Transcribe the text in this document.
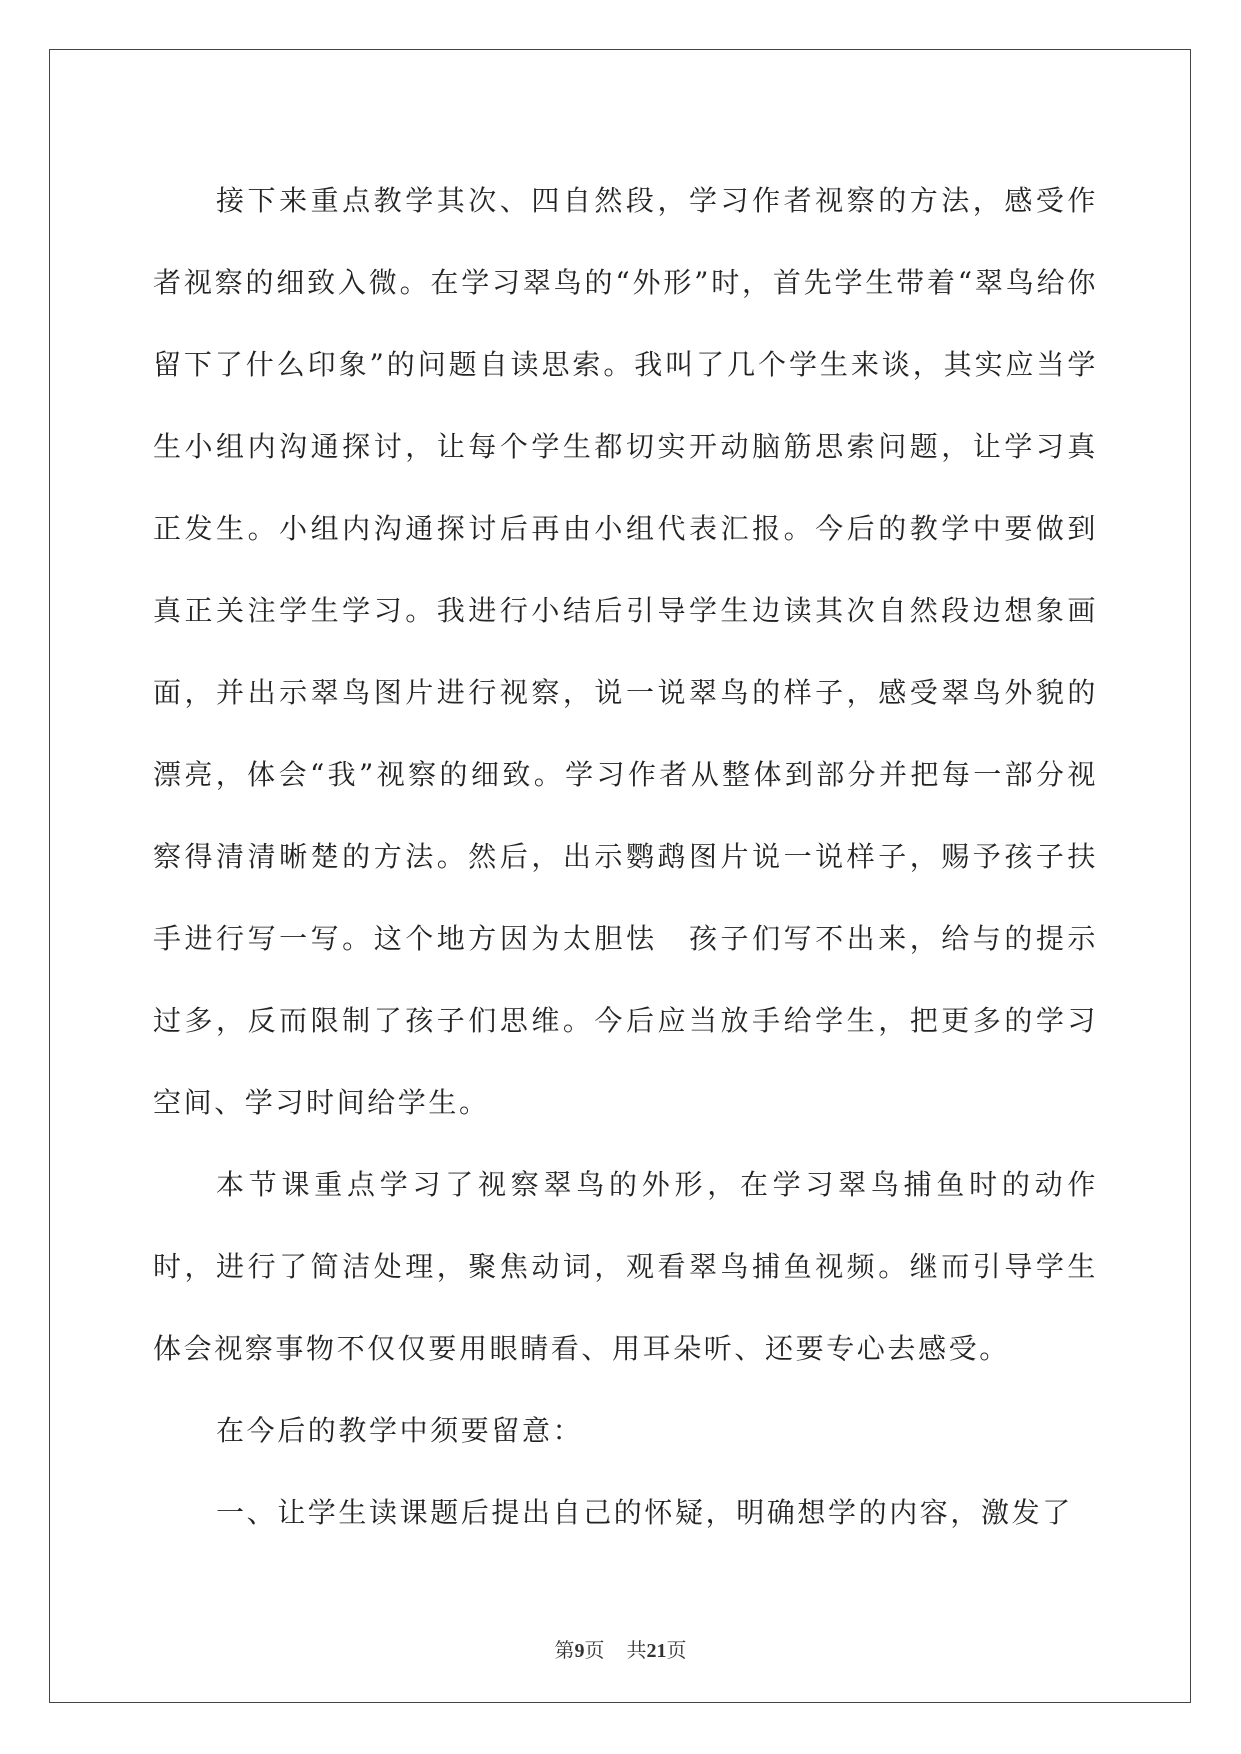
接下来重点教学其次、四自然段，学习作者视察的方法，感受作者视察的细致入微。在学习翠鸟的“外形”时，首先学生带着“翠鸟给你留下了什么印象”的问题自读思索。我叫了几个学生来谈，其实应当学生小组内沟通探讨，让每个学生都切实开动脑筋思索问题，让学习真正发生。小组内沟通探讨后再由小组代表汇报。今后的教学中要做到真正关注学生学习。我进行小结后引导学生边读其次自然段边想象画面，并出示翠鸟图片进行视察，说一说翠鸟的样子，感受翠鸟外貌的漂亮，体会“我”视察的细致。学习作者从整体到部分并把每一部分视察得清清晰楚的方法。然后，出示鹦鹉图片说一说样子，赐予孩子扶手进行写一写。这个地方因为太胆怯　孩子们写不出来，给与的提示过多，反而限制了孩子们思维。今后应当放手给学生，把更多的学习空间、学习时间给学生。

本节课重点学习了视察翠鸟的外形，在学习翠鸟捕鱼时的动作时，进行了简洁处理，聚焦动词，观看翠鸟捕鱼视频。继而引导学生体会视察事物不仅仅要用眼睛看、用耳朵听、还要专心去感受。

在今后的教学中须要留意：

一、让学生读课题后提出自己的怀疑，明确想学的内容，激发了

第9页 共21页
